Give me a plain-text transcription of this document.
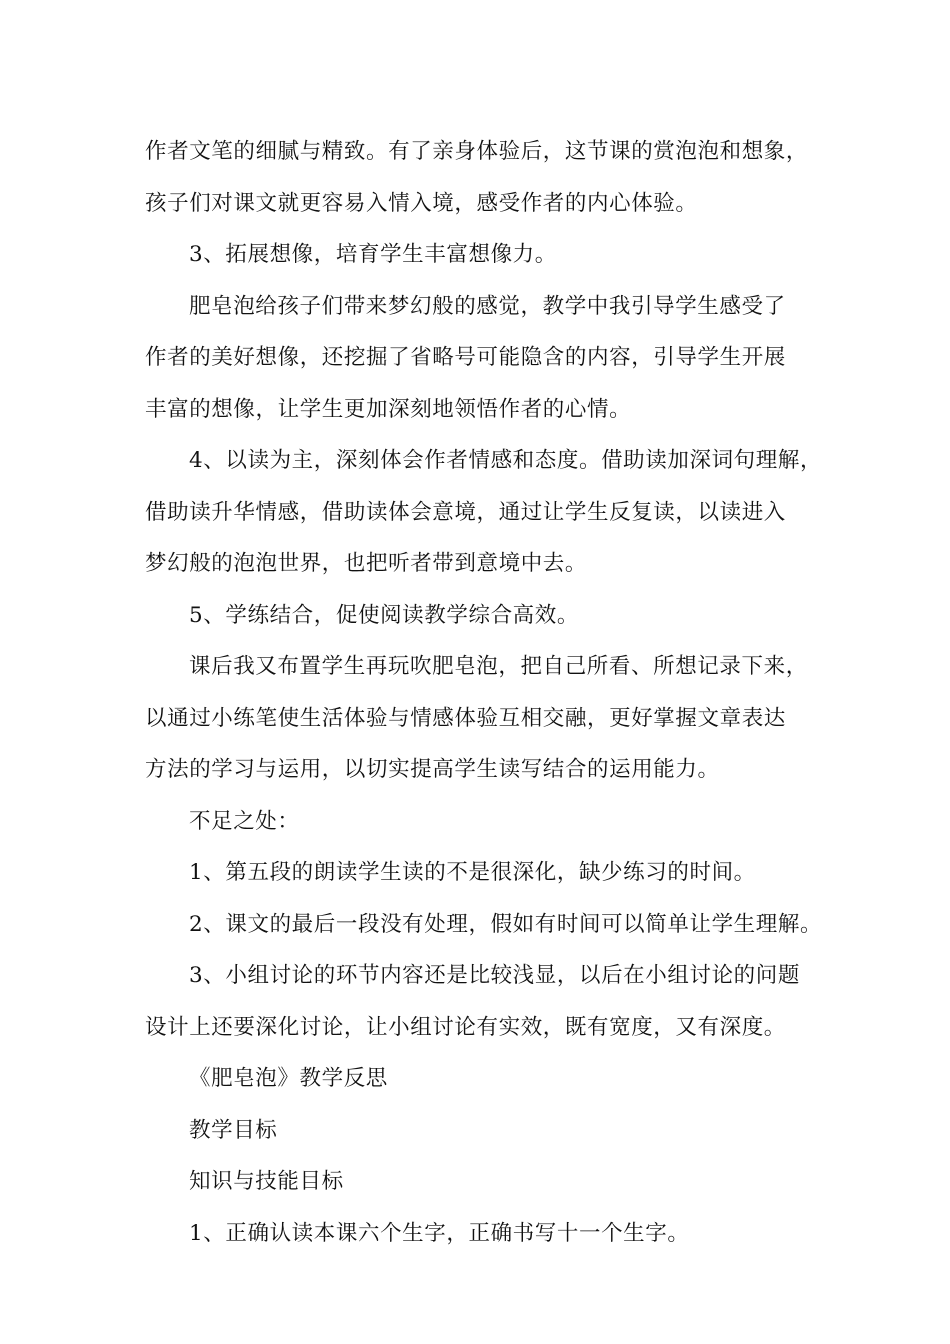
作者文笔的细腻与精致。有了亲身体验后，这节课的赏泡泡和想象，
孩子们对课文就更容易入情入境，感受作者的内心体验。
3、拓展想像，培育学生丰富想像力。
肥皂泡给孩子们带来梦幻般的感觉，教学中我引导学生感受了
作者的美好想像，还挖掘了省略号可能隐含的内容，引导学生开展
丰富的想像，让学生更加深刻地领悟作者的心情。
4、以读为主，深刻体会作者情感和态度。借助读加深词句理解，
借助读升华情感，借助读体会意境，通过让学生反复读，以读进入
梦幻般的泡泡世界，也把听者带到意境中去。
5、学练结合，促使阅读教学综合高效。
课后我又布置学生再玩吹肥皂泡，把自己所看、所想记录下来，
以通过小练笔使生活体验与情感体验互相交融，更好掌握文章表达
方法的学习与运用，以切实提高学生读写结合的运用能力。
不足之处：
1、第五段的朗读学生读的不是很深化，缺少练习的时间。
2、课文的最后一段没有处理，假如有时间可以简单让学生理解。
3、小组讨论的环节内容还是比较浅显，以后在小组讨论的问题
设计上还要深化讨论，让小组讨论有实效，既有宽度，又有深度。
《肥皂泡》教学反思
教学目标
知识与技能目标
1、正确认读本课六个生字，正确书写十一个生字。
